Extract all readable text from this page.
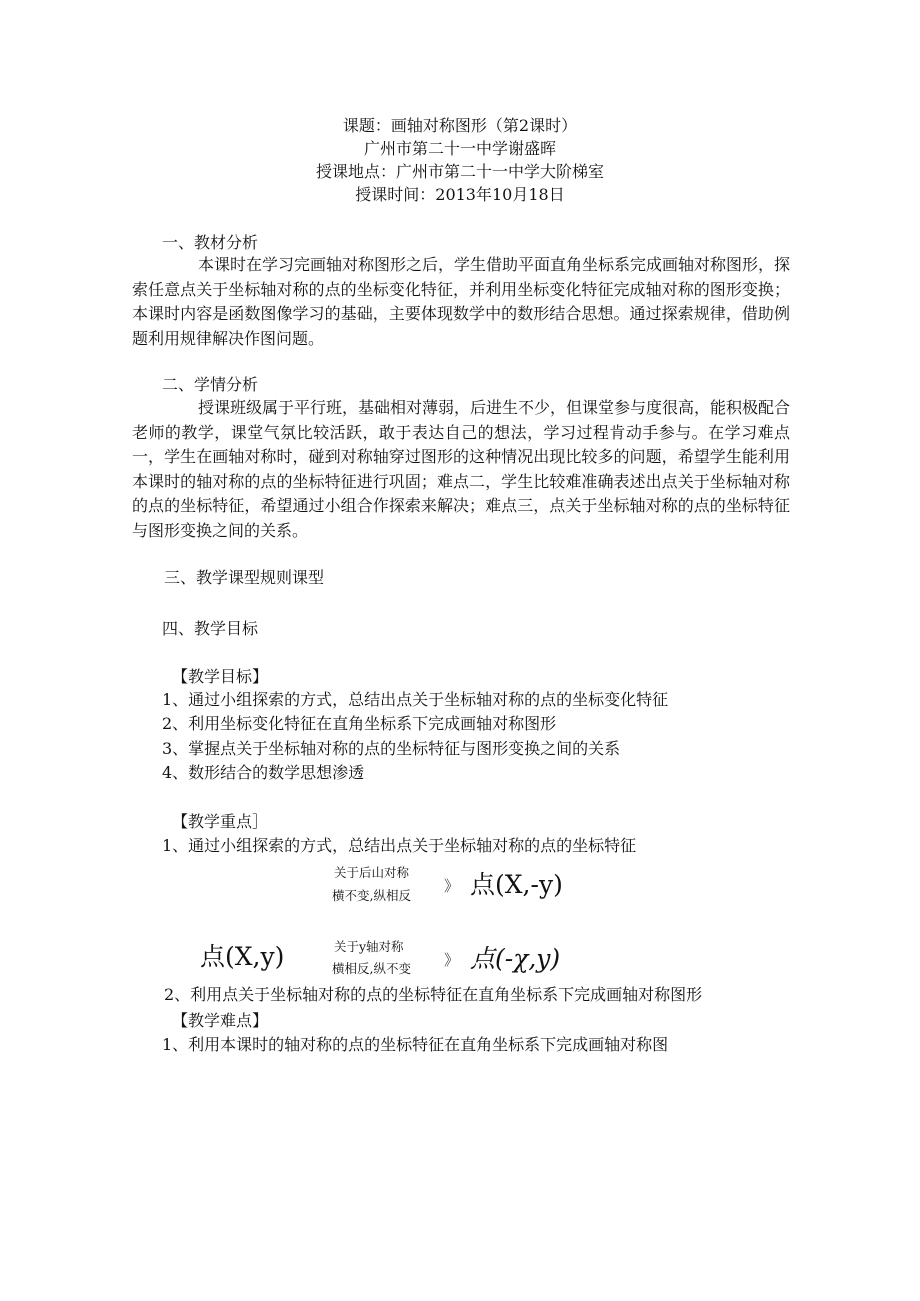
课题：画轴对称图形（第2课时）
广州市第二十一中学谢盛晖
授课地点：广州市第二十一中学大阶梯室
授课时间：2013年10月18日
一、教材分析
本课时在学习完画轴对称图形之后，学生借助平面直角坐标系完成画轴对称图形，探索任意点关于坐标轴对称的点的坐标变化特征，并利用坐标变化特征完成轴对称的图形变换；本课时内容是函数图像学习的基础，主要体现数学中的数形结合思想。通过探索规律，借助例题利用规律解决作图问题。
二、学情分析
授课班级属于平行班，基础相对薄弱，后进生不少，但课堂参与度很高，能积极配合老师的教学，课堂气氛比较活跃，敢于表达自己的想法，学习过程肯动手参与。在学习难点一，学生在画轴对称时，碰到对称轴穿过图形的这种情况出现比较多的问题，希望学生能利用本课时的轴对称的点的坐标特征进行巩固；难点二，学生比较难准确表述出点关于坐标轴对称的点的坐标特征，希望通过小组合作探索来解决；难点三，点关于坐标轴对称的点的坐标特征与图形变换之间的关系。
三、教学课型规则课型
四、教学目标
【教学目标】
1、通过小组探索的方式，总结出点关于坐标轴对称的点的坐标变化特征
2、利用坐标变化特征在直角坐标系下完成画轴对称图形
3、掌握点关于坐标轴对称的点的坐标特征与图形变换之间的关系
4、数形结合的数学思想渗透
【教学重点］
1、通过小组探索的方式，总结出点关于坐标轴对称的点的坐标特征
关于后山对称
横不变,纵相反
》 点(X,-y)
点(X,y)	关于y轴对称
横相反,纵不变 》 点(-χ,y)
2、利用点关于坐标轴对称的点的坐标特征在直角坐标系下完成画轴对称图形
【教学难点】
1、利用本课时的轴对称的点的坐标特征在直角坐标系下完成画轴对称图
